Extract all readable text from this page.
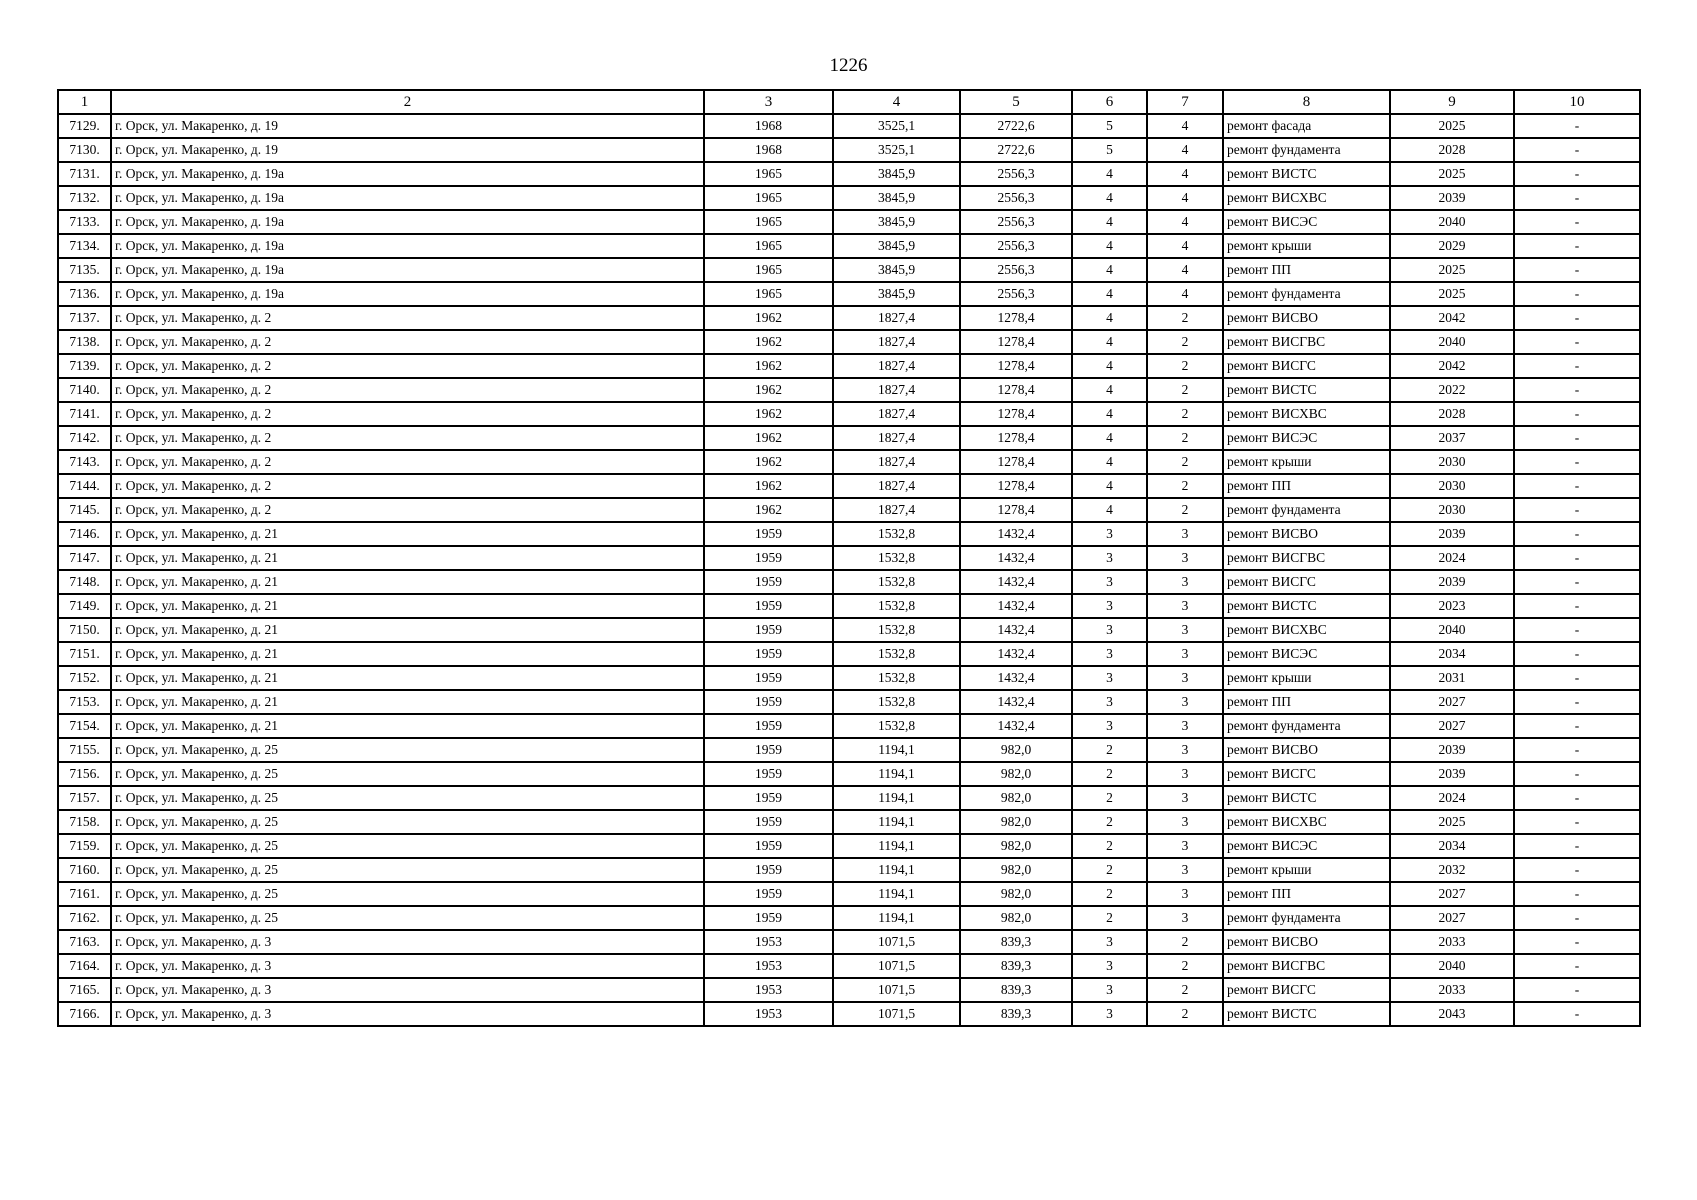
1226
1	2	3	4	5	6	7	8	9	10
7129.	г. Орск, ул. Макаренко, д. 19	1968	3525,1	2722,6	5	4	ремонт фасада	2025	-
7130.	г. Орск, ул. Макаренко, д. 19	1968	3525,1	2722,6	5	4	ремонт фундамента	2028	-
7131.	г. Орск, ул. Макаренко, д. 19а	1965	3845,9	2556,3	4	4	ремонт ВИСТС	2025	-
7132.	г. Орск, ул. Макаренко, д. 19а	1965	3845,9	2556,3	4	4	ремонт ВИСХВС	2039	-
7133.	г. Орск, ул. Макаренко, д. 19а	1965	3845,9	2556,3	4	4	ремонт ВИСЭС	2040	-
7134.	г. Орск, ул. Макаренко, д. 19а	1965	3845,9	2556,3	4	4	ремонт крыши	2029	-
7135.	г. Орск, ул. Макаренко, д. 19а	1965	3845,9	2556,3	4	4	ремонт ПП	2025	-
7136.	г. Орск, ул. Макаренко, д. 19а	1965	3845,9	2556,3	4	4	ремонт фундамента	2025	-
7137.	г. Орск, ул. Макаренко, д. 2	1962	1827,4	1278,4	4	2	ремонт ВИСВО	2042	-
7138.	г. Орск, ул. Макаренко, д. 2	1962	1827,4	1278,4	4	2	ремонт ВИСГВС	2040	-
7139.	г. Орск, ул. Макаренко, д. 2	1962	1827,4	1278,4	4	2	ремонт ВИСГС	2042	-
7140.	г. Орск, ул. Макаренко, д. 2	1962	1827,4	1278,4	4	2	ремонт ВИСТС	2022	-
7141.	г. Орск, ул. Макаренко, д. 2	1962	1827,4	1278,4	4	2	ремонт ВИСХВС	2028	-
7142.	г. Орск, ул. Макаренко, д. 2	1962	1827,4	1278,4	4	2	ремонт ВИСЭС	2037	-
7143.	г. Орск, ул. Макаренко, д. 2	1962	1827,4	1278,4	4	2	ремонт крыши	2030	-
7144.	г. Орск, ул. Макаренко, д. 2	1962	1827,4	1278,4	4	2	ремонт ПП	2030	-
7145.	г. Орск, ул. Макаренко, д. 2	1962	1827,4	1278,4	4	2	ремонт фундамента	2030	-
7146.	г. Орск, ул. Макаренко, д. 21	1959	1532,8	1432,4	3	3	ремонт ВИСВО	2039	-
7147.	г. Орск, ул. Макаренко, д. 21	1959	1532,8	1432,4	3	3	ремонт ВИСГВС	2024	-
7148.	г. Орск, ул. Макаренко, д. 21	1959	1532,8	1432,4	3	3	ремонт ВИСГС	2039	-
7149.	г. Орск, ул. Макаренко, д. 21	1959	1532,8	1432,4	3	3	ремонт ВИСТС	2023	-
7150.	г. Орск, ул. Макаренко, д. 21	1959	1532,8	1432,4	3	3	ремонт ВИСХВС	2040	-
7151.	г. Орск, ул. Макаренко, д. 21	1959	1532,8	1432,4	3	3	ремонт ВИСЭС	2034	-
7152.	г. Орск, ул. Макаренко, д. 21	1959	1532,8	1432,4	3	3	ремонт крыши	2031	-
7153.	г. Орск, ул. Макаренко, д. 21	1959	1532,8	1432,4	3	3	ремонт ПП	2027	-
7154.	г. Орск, ул. Макаренко, д. 21	1959	1532,8	1432,4	3	3	ремонт фундамента	2027	-
7155.	г. Орск, ул. Макаренко, д. 25	1959	1194,1	982,0	2	3	ремонт ВИСВО	2039	-
7156.	г. Орск, ул. Макаренко, д. 25	1959	1194,1	982,0	2	3	ремонт ВИСГС	2039	-
7157.	г. Орск, ул. Макаренко, д. 25	1959	1194,1	982,0	2	3	ремонт ВИСТС	2024	-
7158.	г. Орск, ул. Макаренко, д. 25	1959	1194,1	982,0	2	3	ремонт ВИСХВС	2025	-
7159.	г. Орск, ул. Макаренко, д. 25	1959	1194,1	982,0	2	3	ремонт ВИСЭС	2034	-
7160.	г. Орск, ул. Макаренко, д. 25	1959	1194,1	982,0	2	3	ремонт крыши	2032	-
7161.	г. Орск, ул. Макаренко, д. 25	1959	1194,1	982,0	2	3	ремонт ПП	2027	-
7162.	г. Орск, ул. Макаренко, д. 25	1959	1194,1	982,0	2	3	ремонт фундамента	2027	-
7163.	г. Орск, ул. Макаренко, д. 3	1953	1071,5	839,3	3	2	ремонт ВИСВО	2033	-
7164.	г. Орск, ул. Макаренко, д. 3	1953	1071,5	839,3	3	2	ремонт ВИСГВС	2040	-
7165.	г. Орск, ул. Макаренко, д. 3	1953	1071,5	839,3	3	2	ремонт ВИСГС	2033	-
7166.	г. Орск, ул. Макаренко, д. 3	1953	1071,5	839,3	3	2	ремонт ВИСТС	2043	-
